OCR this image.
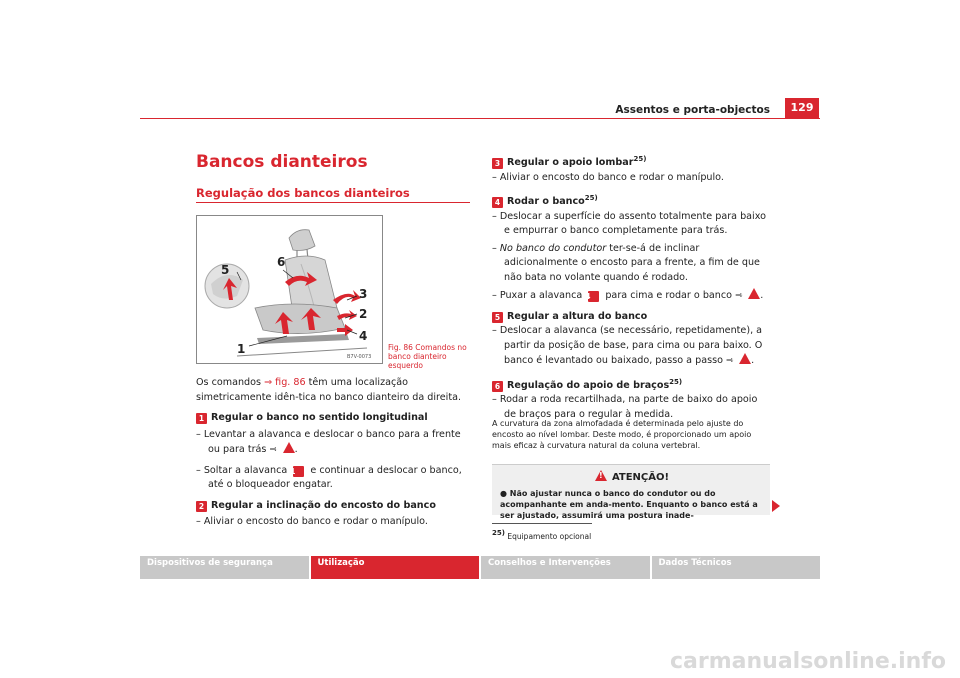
Assentos e porta-objectos	129
Bancos dianteiros
Regulação dos bancos dianteiros
1
2
3
4
5
6
B7V-0073
Fig. 86 Comandos no banco dianteiro esquerdo
Os comandos ⇒ fig. 86 têm uma localização simetricamente idên-tica no banco dianteiro da direita.
1 Regular o banco no sentido longitudinal
– Levantar a alavanca e deslocar o banco para a frente ou para trás ⇒ ! .
– Soltar a alavanca 1 e continuar a deslocar o banco, até o bloqueador engatar.
2 Regular a inclinação do encosto do banco
– Aliviar o encosto do banco e rodar o manípulo.
3 Regular o apoio lombar$^{25)}$
– Aliviar o encosto do banco e rodar o manípulo.
4 Rodar o banco$^{25)}$
– Deslocar a superfície do assento totalmente para baixo e empurrar o banco completamente para trás.
– No banco do condutor ter-se-á de inclinar adicionalmente o encosto para a frente, a fim de que não bata no volante quando é rodado.
– Puxar a alavanca 4 para cima e rodar o banco ⇒ ! .
5 Regular a altura do banco
– Deslocar a alavanca (se necessário, repetidamente), a partir da posição de base, para cima ou para baixo. O banco é levantado ou baixado, passo a passo ⇒ ! .
6 Regulação do apoio de braços$^{25)}$
– Rodar a roda recartilhada, na parte de baixo do apoio de braços para o regular à medida.
A curvatura da zona almofadada é determinada pelo ajuste do encosto ao nível lombar. Deste modo, é proporcionado um apoio mais eficaz à curvatura natural da coluna vertebral.
!ATENÇÃO!
● Não ajustar nunca o banco do condutor ou do acompanhante em anda-mento. Enquanto o banco está a ser ajustado, assumirá uma postura inade-
25) Equipamento opcional
Dispositivos de segurança	Utilização	Conselhos e Intervenções	Dados Técnicos
carmanualsonline.info
